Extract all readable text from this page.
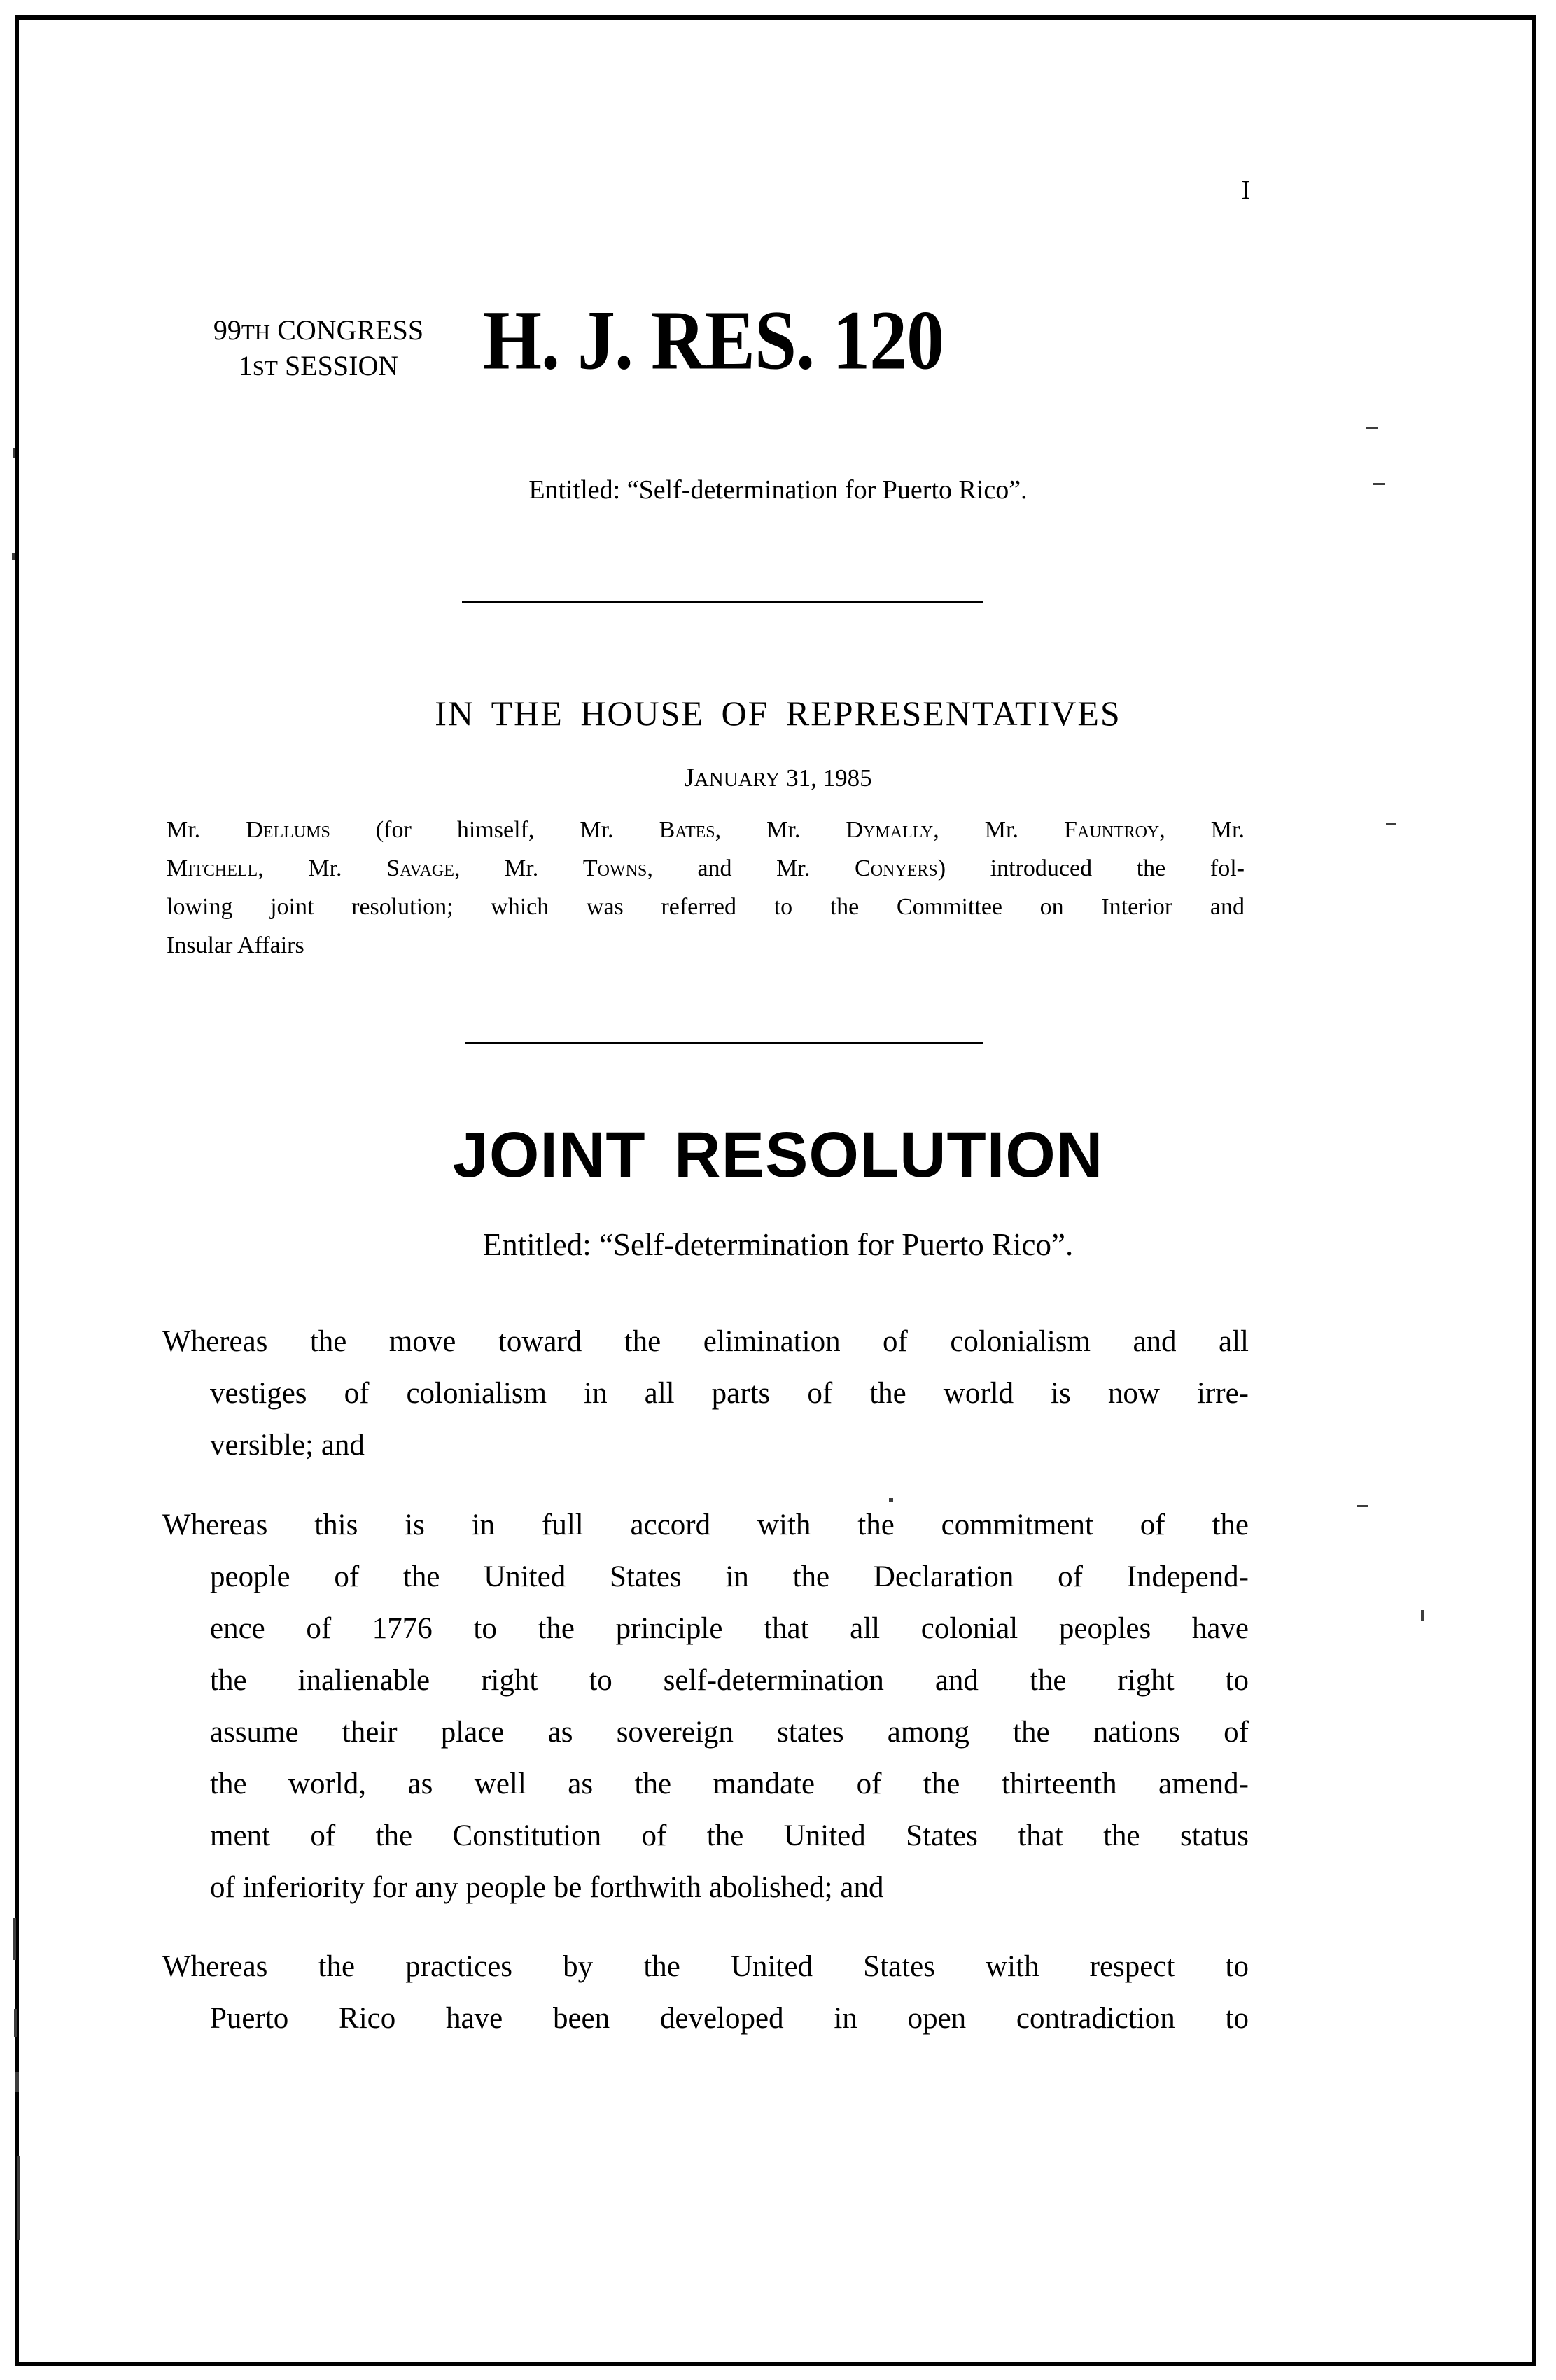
I
99TH CONGRESS
1ST SESSION	H. J. RES. 120
Entitled: “Self-determination for Puerto Rico”.
IN THE HOUSE OF REPRESENTATIVES
JANUARY 31, 1985
Mr. Dellums (for himself, Mr. Bates, Mr. Dymally, Mr. Fauntroy, Mr.
Mitchell, Mr. Savage, Mr. Towns, and Mr. Conyers) introduced the fol-
lowing joint resolution; which was referred to the Committee on Interior and
Insular Affairs
JOINT RESOLUTION
Entitled: “Self-determination for Puerto Rico”.
Whereas the move toward the elimination of colonialism and all
vestiges of colonialism in all parts of the world is now irre-
versible; and
Whereas this is in full accord with the commitment of the
people of the United States in the Declaration of Independ-
ence of 1776 to the principle that all colonial peoples have
the inalienable right to self-determination and the right to
assume their place as sovereign states among the nations of
the world, as well as the mandate of the thirteenth amend-
ment of the Constitution of the United States that the status
of inferiority for any people be forthwith abolished; and
Whereas the practices by the United States with respect to
Puerto Rico have been developed in open contradiction to
